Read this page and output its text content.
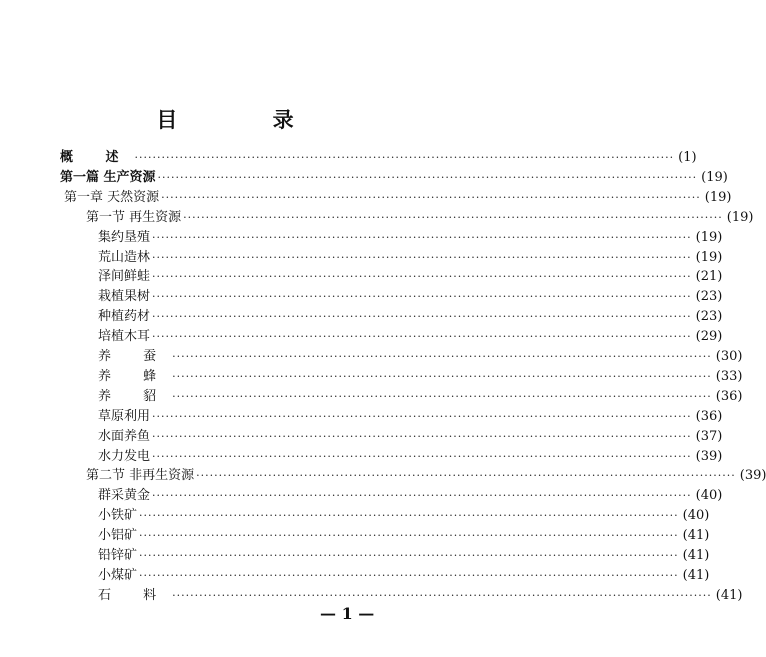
目 录
概 述 ························································································································ ( 1 )
第一篇 生产资源 ························································································································ ( 19 )
第一章 天然资源 ························································································································ ( 19 )
第一节 再生资源 ························································································································ ( 19 )
集约垦殖 ························································································································ ( 19 )
荒山造林 ························································································································ ( 19 )
泽间鲜蛙 ························································································································ ( 21 )
栽植果树 ························································································································ ( 23 )
种植药材 ························································································································ ( 23 )
培植木耳 ························································································································ ( 29 )
养 蚕 ························································································································ ( 30 )
养 蜂 ························································································································ ( 33 )
养 貂 ························································································································ ( 36 )
草原利用 ························································································································ ( 36 )
水面养鱼 ························································································································ ( 37 )
水力发电 ························································································································ ( 39 )
第二节 非再生资源 ························································································································ ( 39 )
群采黄金 ························································································································ ( 40 )
小铁矿 ························································································································ ( 40 )
小铝矿 ························································································································ ( 41 )
铅锌矿 ························································································································ ( 41 )
小煤矿 ························································································································ ( 41 )
石 料 ························································································································ ( 41 )
— 1 —
